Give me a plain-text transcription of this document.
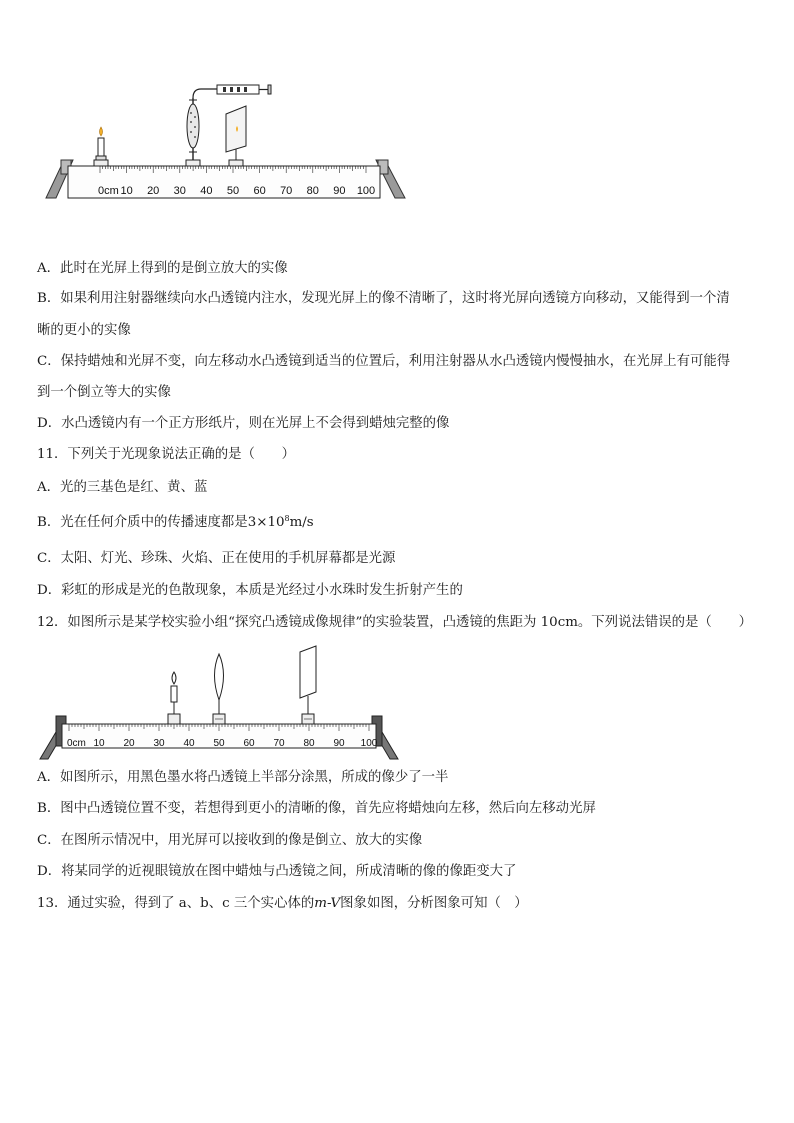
0cm 10 20 30 40 50 60 70 80 90 100
A．此时在光屏上得到的是倒立放大的实像
B．如果利用注射器继续向水凸透镜内注水，发现光屏上的像不清晰了，这时将光屏向透镜方向移动，又能得到一个清
晰的更小的实像
C．保持蜡烛和光屏不变，向左移动水凸透镜到适当的位置后，利用注射器从水凸透镜内慢慢抽水，在光屏上有可能得
到一个倒立等大的实像
D．水凸透镜内有一个正方形纸片，则在光屏上不会得到蜡烛完整的像
11．下列关于光现象说法正确的是（　　）
A．光的三基色是红、黄、蓝
B．光在任何介质中的传播速度都是$3\times 10^8m/s$
C．太阳、灯光、珍珠、火焰、正在使用的手机屏幕都是光源
D．彩虹的形成是光的色散现象，本质是光经过小水珠时发生折射产生的
12．如图所示是某学校实验小组“探究凸透镜成像规律”的实验装置，凸透镜的焦距为 10cm。下列说法错误的是（　　）
0cm 10 20 30 40 50 60 70 80 90 100
A．如图所示，用黑色墨水将凸透镜上半部分涂黑，所成的像少了一半
B．图中凸透镜位置不变，若想得到更小的清晰的像，首先应将蜡烛向左移，然后向左移动光屏
C．在图所示情况中，用光屏可以接收到的像是倒立、放大的实像
D．将某同学的近视眼镜放在图中蜡烛与凸透镜之间，所成清晰的像的像距变大了
13．通过实验，得到了 a、b、c 三个实心体的m-V图象如图，分析图象可知（　）
